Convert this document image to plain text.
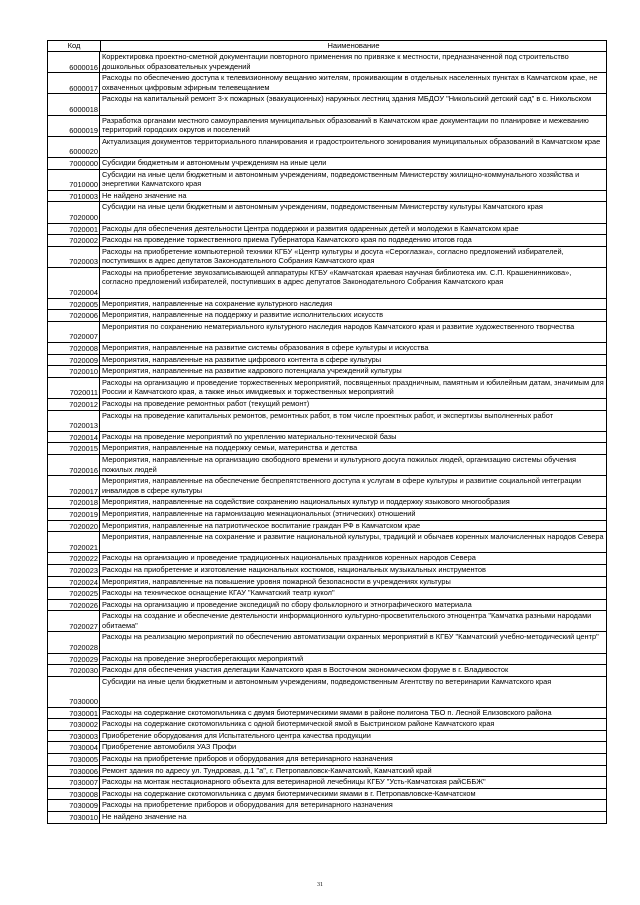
Код	Наименование
6000016
Корректировка проектно-сметной документации повторного применения по привязке к местности, предназначенной под строительство дошкольных образовательных учреждений
6000017
Расходы по обеспечению доступа к телевизионному вещанию жителям, проживающим в отдельных населенных пунктах в Камчатском крае, не охваченных цифровым эфирным телевещанием
6000018
Расходы на капитальный ремонт 3-х пожарных (эвакуационных) наружных лестниц здания МБДОУ "Никольский детский сад" в с. Никольском
6000019
Разработка органами местного самоуправления муниципальных образований в Камчатском крае документации по планировке и межеванию территорий городских округов и поселений
6000020
Актуализация документов территориального планирования и градостроительного зонирования муниципальных образований в Камчатском крае
7000000 Субсидии бюджетным и автономным учреждениям на иные цели
7010000
Субсидии на иные цели бюджетным и автономным учреждениям, подведомственным Министерству жилищно-коммунального хозяйства и энергетики Камчатского края
7010003 Не найдено значение на
7020000
Субсидии на иные цели бюджетным и автономным учреждениям, подведомственным Министерству культуры Камчатского края
7020001 Расходы для обеспечения деятельности Центра поддержки и развития одаренных детей и молодежи в Камчатском крае
7020002 Расходы на проведение торжественного приема Губернатора Камчатского края по подведению итогов года
7020003
Расходы на приобретение компьютерной техники КГБУ «Центр культуры и досуга «Сероглазка», согласно предложений избирателей, поступивших в адрес депутатов Законодательного Собрания Камчатского края
7020004
Расходы на приобретение звукозаписывающей аппаратуры КГБУ «Камчатская краевая научная библиотека им. С.П. Крашенинникова», согласно предложений избирателей, поступивших в адрес депутатов Законодательного Собрания Камчатского края
7020005 Мероприятия, направленные на сохранение культурного наследия
7020006 Мероприятия, направленные на поддержку и развитие исполнительских искусств
7020007
Мероприятия по сохранению нематериального культурного наследия народов Камчатского края и развитие художественного творчества
7020008 Мероприятия, направленные на развитие системы образования в сфере культуры и искусства
7020009 Мероприятия, направленные на развитие цифрового контента в сфере культуры
7020010 Мероприятия, направленные на развитие кадрового потенциала учреждений культуры
7020011
Расходы на организацию и проведение торжественных мероприятий, посвященных праздничным, памятным и юбилейным датам, значимым для России и Камчатского края, а также иных имиджевых и торжественных мероприятий
7020012 Расходы на проведение ремонтных работ (текущий ремонт)
7020013
Расходы на проведение капитальных ремонтов, ремонтных работ, в том числе проектных работ, и экспертизы выполненных работ
7020014 Расходы на проведение мероприятий по укреплению материально-технической базы
7020015 Мероприятия, направленные на поддержку семьи, материнства и детства
7020016
Мероприятия, направленные на организацию свободного времени и культурного досуга пожилых людей, организацию системы обучения пожилых людей
7020017
Мероприятия, направленные на обеспечение беспрепятственного доступа к услугам в сфере культуры и развитие социальной интеграции инвалидов в сфере культуры
7020018 Мероприятия, направленные на содействие сохранению национальных культур и поддержку языкового многообразия
7020019 Мероприятия, направленные на гармонизацию межнациональных (этнических) отношений
7020020 Мероприятия, направленные на патриотическое воспитание граждан РФ в Камчатском крае
7020021
Мероприятия, направленные на сохранение и развитие национальной культуры, традиций и обычаев коренных малочисленных народов Севера
7020022 Расходы на организацию и проведение традиционных национальных праздников коренных народов Севера
7020023 Расходы на приобретение и изготовление национальных костюмов, национальных музыкальных инструментов
7020024 Мероприятия, направленные на повышение уровня пожарной безопасности в учреждениях культуры
7020025 Расходы на техническое оснащение КГАУ "Камчатский театр кукол"
7020026 Расходы на организацию и проведение экспедиций по сбору фольклорного и этнографического материала
7020027
Расходы на создание и обеспечение деятельности информационного культурно-просветительского этноцентра "Камчатка разными народами обитаема"
7020028
Расходы на реализацию мероприятий по обеспечению автоматизации охранных мероприятий в КГБУ "Камчатский учебно-методический центр"
7020029 Расходы на проведение энергосберегающих мероприятий
7020030 Расходы для обеспечения участия делегации Камчатского края в Восточном экономическом форуме в г. Владивосток
7030000
Субсидии на иные цели бюджетным и автономным учреждениям, подведомственным Агентству по ветеринарии Камчатского края
7030001 Расходы на содержание скотомогильника с двумя биотермическими ямами в районе полигона ТБО п. Лесной Елизовского района
7030002 Расходы на содержание скотомогильника с одной биотермической ямой в Быстринском районе Камчатского края
7030003 Приобретение оборудования для Испытательного центра качества продукции
7030004 Приобретение автомобиля УАЗ Профи
7030005 Расходы на приобретение приборов и оборудования для ветеринарного назначения
7030006 Ремонт здания по адресу ул. Тундровая, д.1 "а", г. Петропавловск-Камчатский, Камчатский край
7030007 Расходы на монтаж нестационарного объекта для ветеринарной лечебницы КГБУ "Усть-Камчатская райСББЖ"
7030008 Расходы на содержание скотомогильника с двумя биотермическими ямами в г. Петропавловске-Камчатском
7030009 Расходы на приобретение приборов и оборудования для ветеринарного назначения
7030010 Не найдено значение на
31
